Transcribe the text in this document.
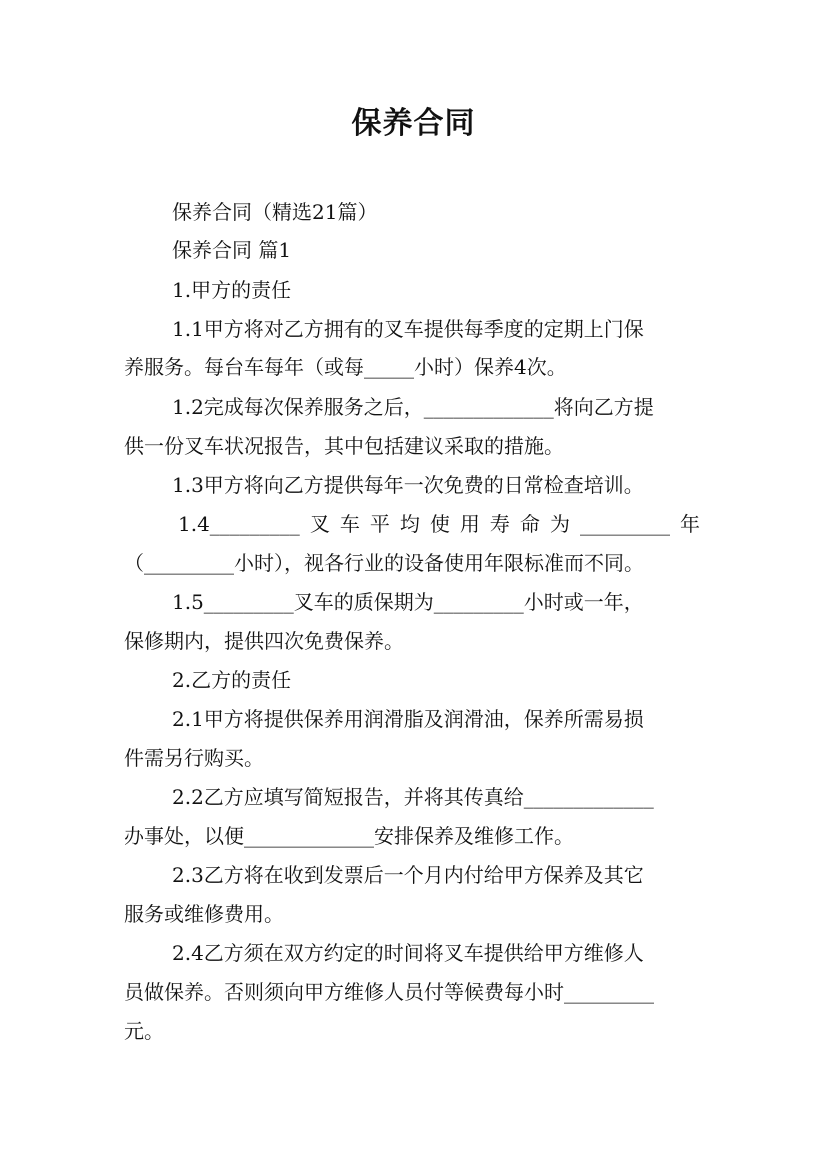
保养合同
保养合同（精选21篇）
保养合同 篇1
1.甲方的责任
1.1甲方将对乙方拥有的叉车提供每季度的定期上门保
养服务。每台车每年（或每_____小时）保养4次。
1.2完成每次保养服务之后，_____________将向乙方提
供一份叉车状况报告，其中包括建议采取的措施。
1.3甲方将向乙方提供每年一次免费的日常检查培训。
1.4_________叉车平均使用寿命为_________年
（_________小时），视各行业的设备使用年限标准而不同。
1.5_________叉车的质保期为_________小时或一年，
保修期内，提供四次免费保养。
2.乙方的责任
2.1甲方将提供保养用润滑脂及润滑油，保养所需易损
件需另行购买。
2.2乙方应填写简短报告，并将其传真给_____________
办事处，以便_____________安排保养及维修工作。
2.3乙方将在收到发票后一个月内付给甲方保养及其它
服务或维修费用。
2.4乙方须在双方约定的时间将叉车提供给甲方维修人
员做保养。否则须向甲方维修人员付等候费每小时_________
元。
